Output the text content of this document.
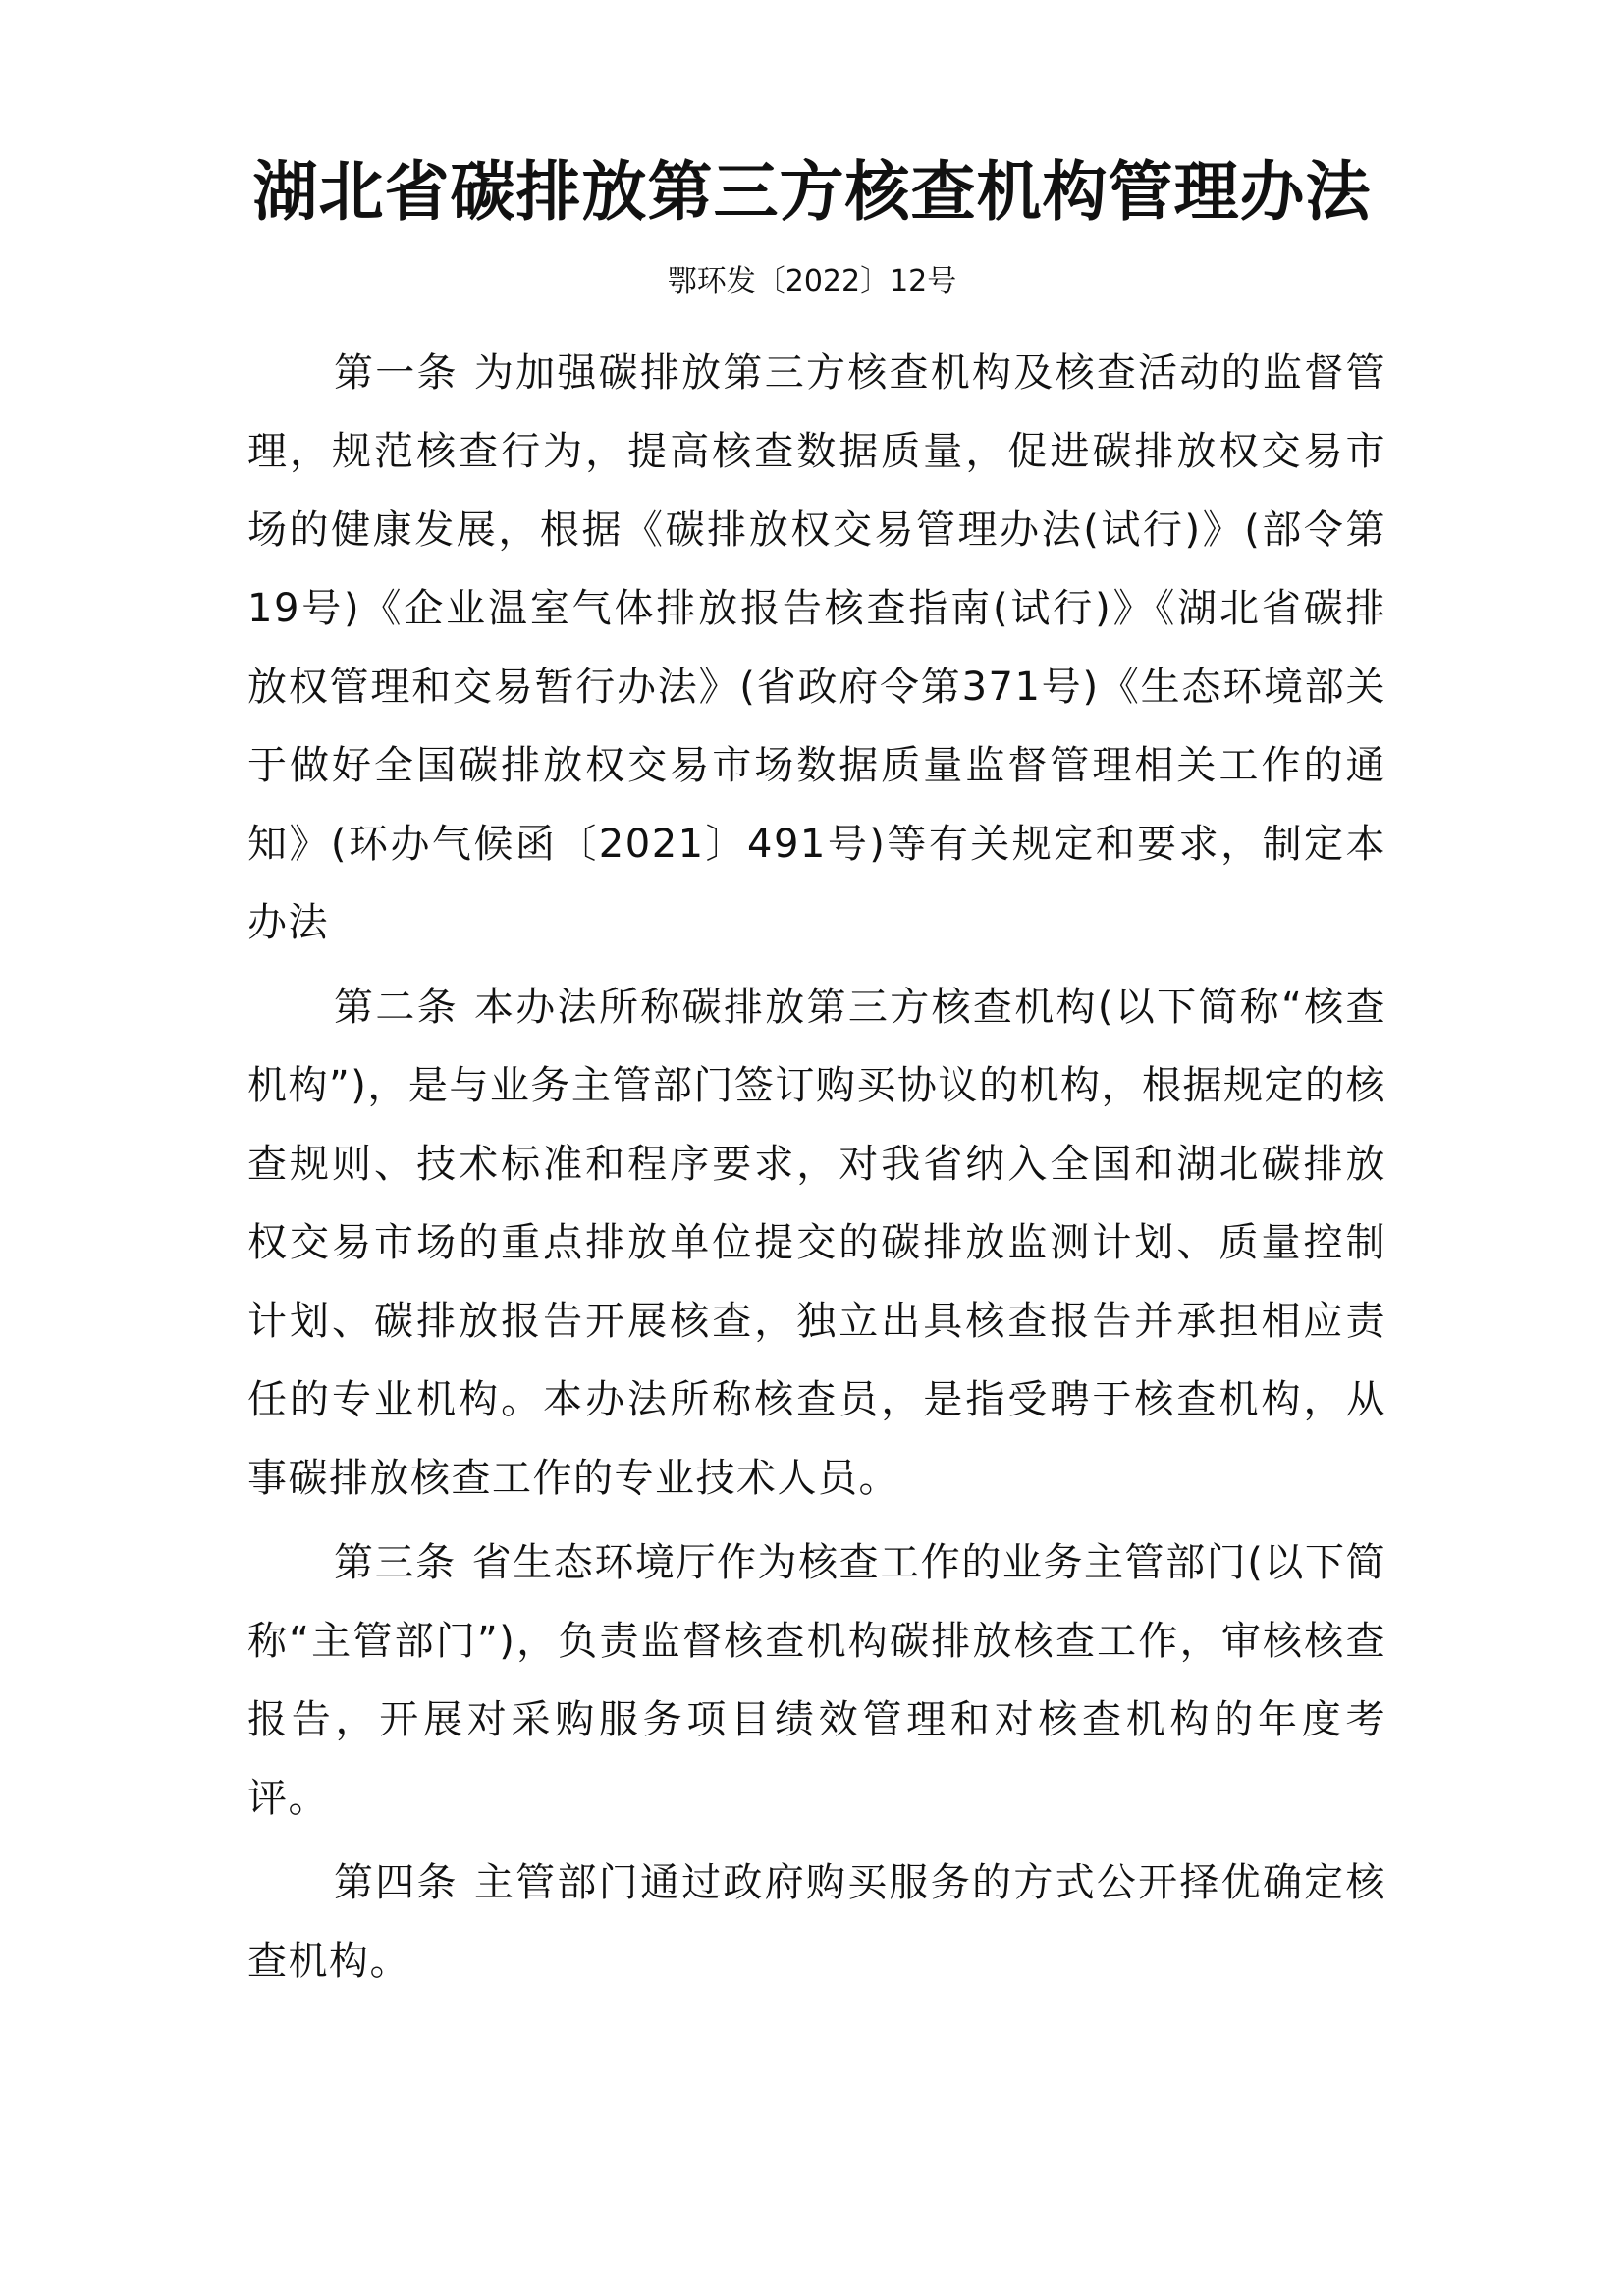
湖北省碳排放第三方核查机构管理办法

鄂环发〔2022〕12号

第一条 为加强碳排放第三方核查机构及核查活动的监督管理，规范核查行为，提高核查数据质量，促进碳排放权交易市场的健康发展，根据《碳排放权交易管理办法(试行)》(部令第19号)《企业温室气体排放报告核查指南(试行)》《湖北省碳排放权管理和交易暂行办法》(省政府令第371号)《生态环境部关于做好全国碳排放权交易市场数据质量监督管理相关工作的通知》(环办气候函〔2021〕491号)等有关规定和要求，制定本办法

第二条 本办法所称碳排放第三方核查机构(以下简称“核查机构”)，是与业务主管部门签订购买协议的机构，根据规定的核查规则、技术标准和程序要求，对我省纳入全国和湖北碳排放权交易市场的重点排放单位提交的碳排放监测计划、质量控制计划、碳排放报告开展核查，独立出具核查报告并承担相应责任的专业机构。本办法所称核查员，是指受聘于核查机构，从事碳排放核查工作的专业技术人员。

第三条 省生态环境厅作为核查工作的业务主管部门(以下简称“主管部门”)，负责监督核查机构碳排放核查工作，审核核查报告，开展对采购服务项目绩效管理和对核查机构的年度考评。

第四条 主管部门通过政府购买服务的方式公开择优确定核查机构。
